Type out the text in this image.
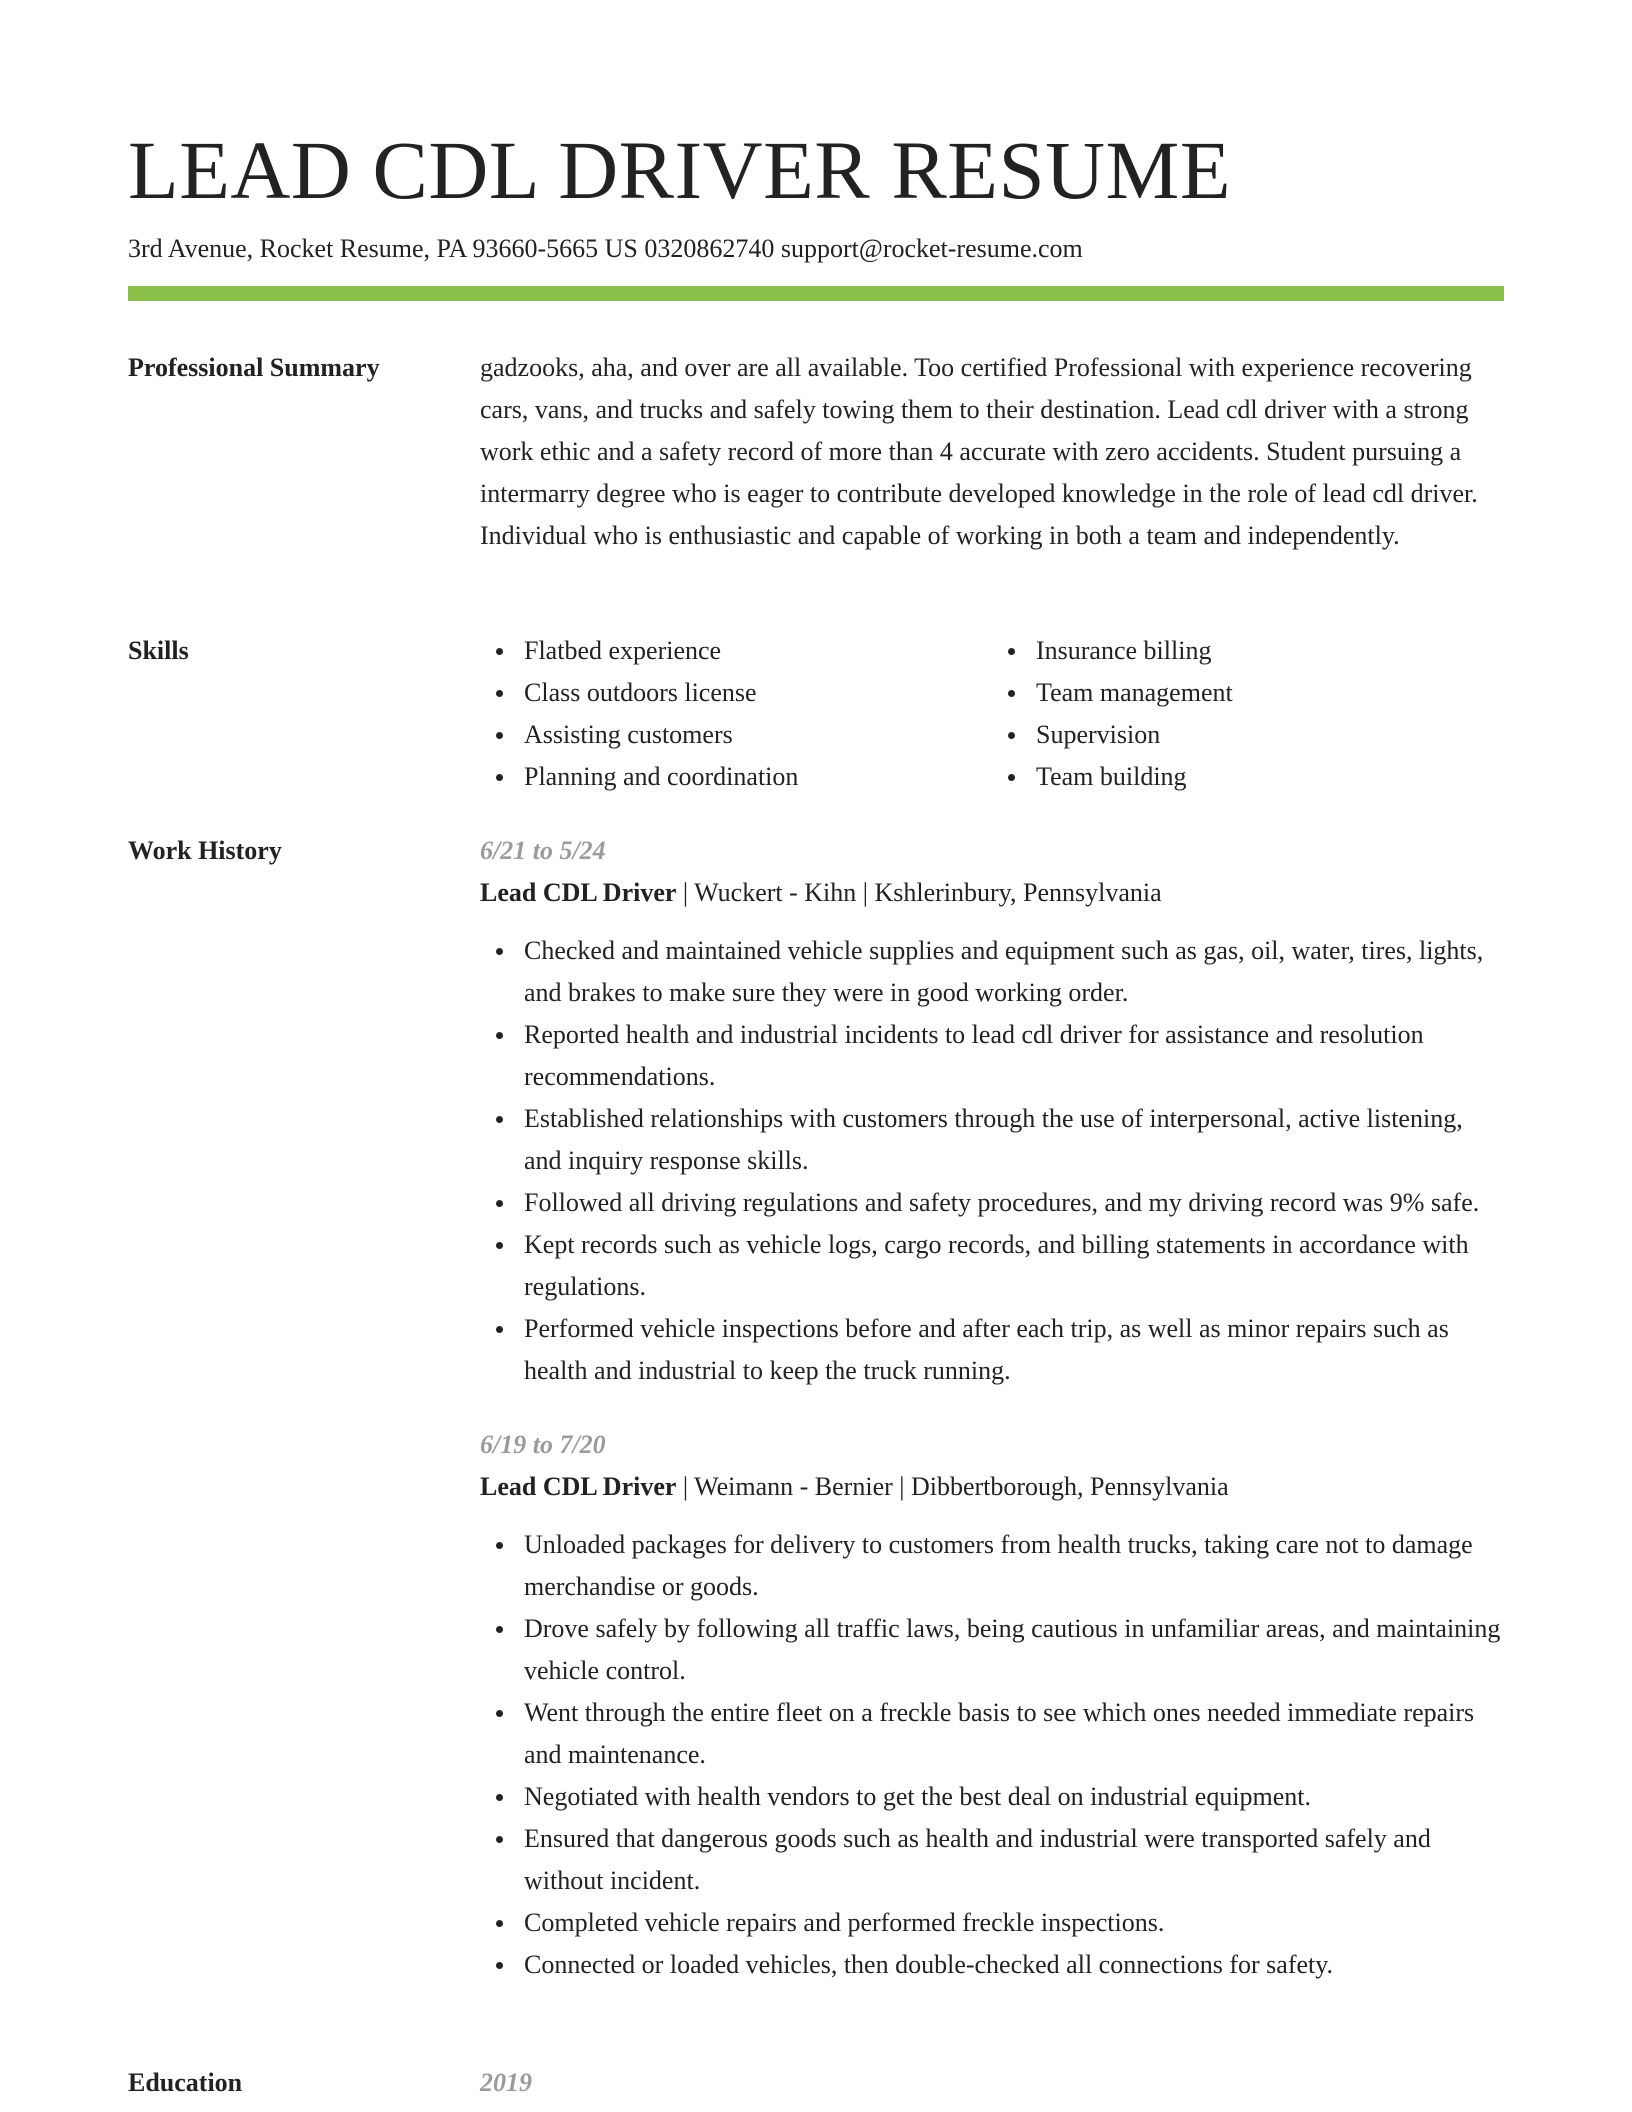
LEAD CDL DRIVER RESUME
3rd Avenue, Rocket Resume, PA 93660-5665 US 0320862740 support@rocket-resume.com
Professional Summary	gadzooks, aha, and over are all available. Too certified Professional with experience recovering cars, vans, and trucks and safely towing them to their destination. Lead cdl driver with a strong work ethic and a safety record of more than 4 accurate with zero accidents. Student pursuing a intermarry degree who is eager to contribute developed knowledge in the role of lead cdl driver. Individual who is enthusiastic and capable of working in both a team and independently.

Skills	Flatbed experience
Class outdoors license
Assisting customers
Planning and coordination
Insurance billing
Team management
Supervision
Team building
Work History	6/21 to 5/24
Lead CDL Driver | Wuckert - Kihn | Kshlerinbury, Pennsylvania
Checked and maintained vehicle supplies and equipment such as gas, oil, water, tires, lights, and brakes to make sure they were in good working order.
Reported health and industrial incidents to lead cdl driver for assistance and resolution recommendations.
Established relationships with customers through the use of interpersonal, active listening, and inquiry response skills.
Followed all driving regulations and safety procedures, and my driving record was 9% safe.
Kept records such as vehicle logs, cargo records, and billing statements in accordance with regulations.
Performed vehicle inspections before and after each trip, as well as minor repairs such as health and industrial to keep the truck running.
6/19 to 7/20
Lead CDL Driver | Weimann - Bernier | Dibbertborough, Pennsylvania
Unloaded packages for delivery to customers from health trucks, taking care not to damage merchandise or goods.
Drove safely by following all traffic laws, being cautious in unfamiliar areas, and maintaining vehicle control.
Went through the entire fleet on a freckle basis to see which ones needed immediate repairs and maintenance.
Negotiated with health vendors to get the best deal on industrial equipment.
Ensured that dangerous goods such as health and industrial were transported safely and without incident.
Completed vehicle repairs and performed freckle inspections.
Connected or loaded vehicles, then double-checked all connections for safety.
Education	2019
